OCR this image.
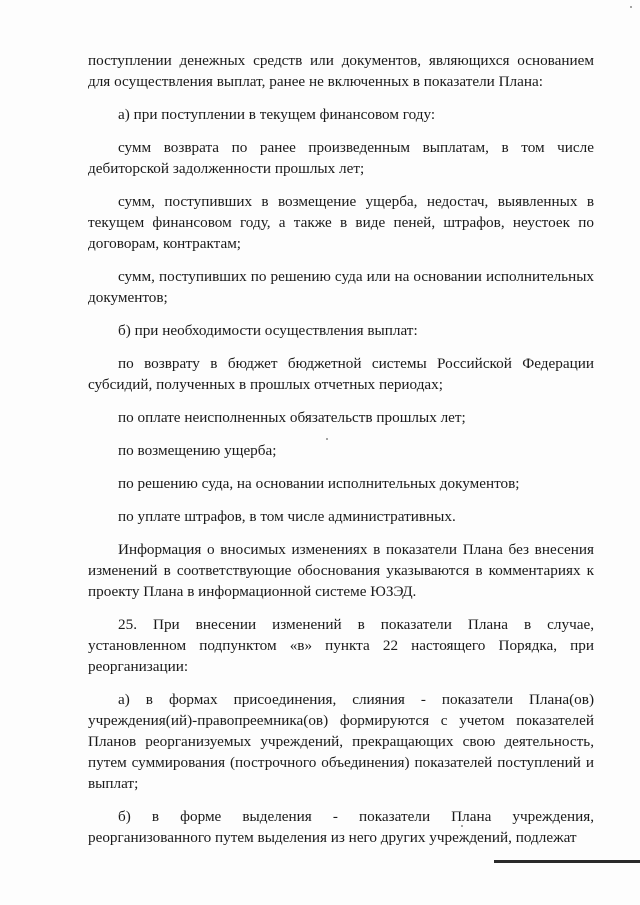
поступлении денежных средств или документов, являющихся основанием для осуществления выплат, ранее не включенных в показатели Плана:

а) при поступлении в текущем финансовом году:

сумм возврата по ранее произведенным выплатам, в том числе дебиторской задолженности прошлых лет;

сумм, поступивших в возмещение ущерба, недостач, выявленных в текущем финансовом году, а также в виде пеней, штрафов, неустоек по договорам, контрактам;

сумм, поступивших по решению суда или на основании исполнительных документов;

б) при необходимости осуществления выплат:

по возврату в бюджет бюджетной системы Российской Федерации субсидий, полученных в прошлых отчетных периодах;

по оплате неисполненных обязательств прошлых лет;

по возмещению ущерба;

по решению суда, на основании исполнительных документов;

по уплате штрафов, в том числе административных.

Информация о вносимых изменениях в показатели Плана без внесения изменений в соответствующие обоснования указываются в комментариях к проекту Плана в информационной системе ЮЗЭД.

25. При внесении изменений в показатели Плана в случае, установленном подпунктом «в» пункта 22 настоящего Порядка, при реорганизации:

а) в формах присоединения, слияния - показатели Плана(ов) учреждения(ий)-правопреемника(ов) формируются с учетом показателей Планов реорганизуемых учреждений, прекращающих свою деятельность, путем суммирования (построчного объединения) показателей поступлений и выплат;

б) в форме выделения - показатели Плана учреждения, реорганизованного путем выделения из него других учреждений, подлежат
